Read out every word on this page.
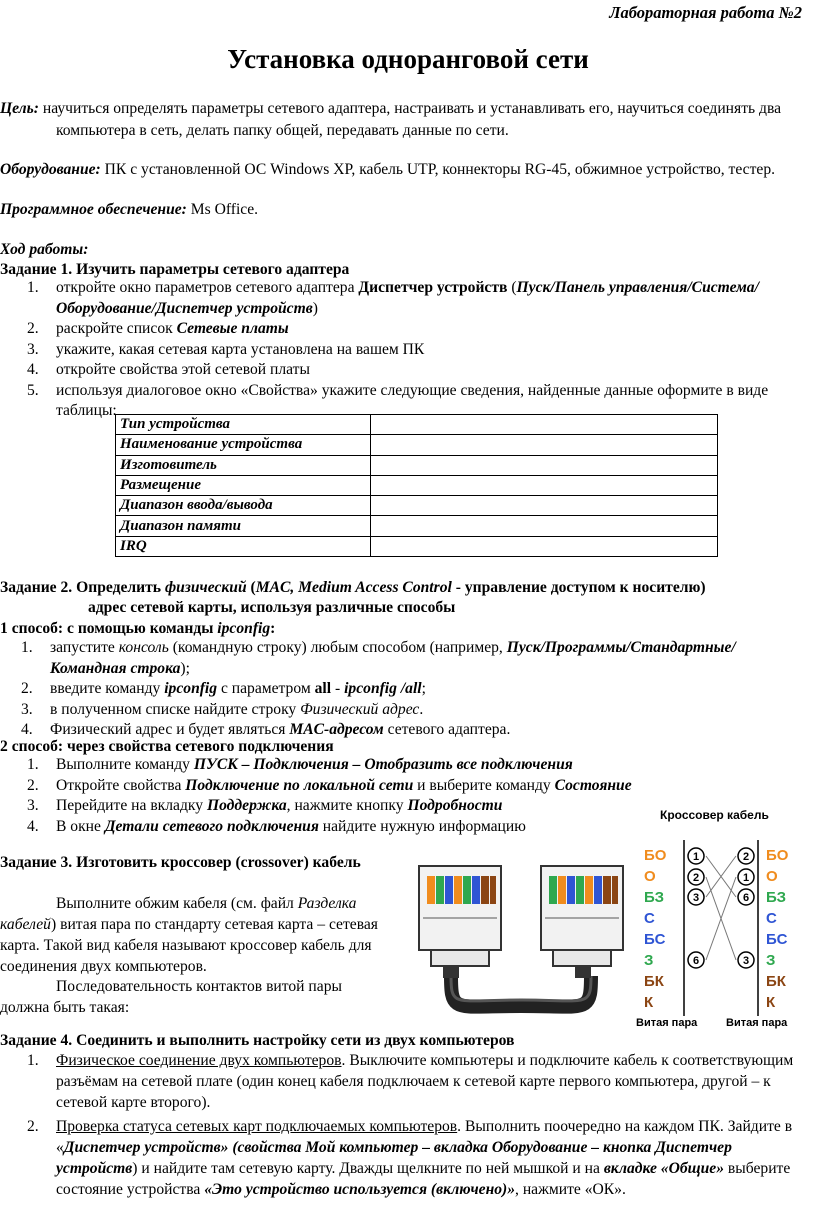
Лабораторная работа №2
Установка одноранговой сети
Цель: научиться определять параметры сетевого адаптера, настраивать и устанавливать его, научиться соединять два компьютера в сеть, делать папку общей, передавать данные по сети.
Оборудование: ПК с установленной ОС Windows XP, кабель UTP, коннекторы RG-45, обжимное устройство, тестер.
Программное обеспечение: Ms Office.
Ход работы:
Задание 1. Изучить параметры сетевого адаптера
1. откройте окно параметров сетевого адаптера Диспетчер устройств (Пуск/Панель управления/Система/Оборудование/Диспетчер устройств)
2. раскройте список Сетевые платы
3. укажите, какая сетевая карта установлена на вашем ПК
4. откройте свойства этой сетевой платы
5. используя диалоговое окно «Свойства» укажите следующие сведения, найденные данные оформите в виде таблицы:
Тип устройства	
Наименование устройства	
Изготовитель	
Размещение	
Диапазон ввода/вывода	
Диапазон памяти	
IRQ	
Задание 2. Определить физический (MAC, Medium Access Control - управление доступом к носителю)
адрес сетевой карты, используя различные способы
1 способ: с помощью команды ipconfig:
1. запустите консоль (командную строку) любым способом (например, Пуск/Программы/Стандартные/Командная строка);
2. введите команду ipconfig с параметром all - ipconfig /all;
3. в полученном списке найдите строку Физический адрес.
4. Физический адрес и будет являться MAC-адресом сетевого адаптера.
2 способ: через свойства сетевого подключения
1. Выполните команду ПУСК – Подключения – Отобразить все подключения
2. Откройте свойства Подключение по локальной сети и выберите команду Состояние
3. Перейдите на вкладку Поддержка, нажмите кнопку Подробности
4. В окне Детали сетевого подключения найдите нужную информацию
Задание 3. Изготовить кроссовер (crossover) кабель
Выполните обжим кабеля (см. файл Разделка кабелей) витая пара по стандарту сетевая карта – сетевая карта. Такой вид кабеля называют кроссовер кабель для соединения двух компьютеров.
Последовательность контактов витой пары должна быть такая:
Кроссовер кабель
БО
О
БЗ
С
БС
З
БК
К
БО
О
БЗ
С
БС
З
БК
К
1
2
3
6
2
1
6
3
Витая пара	Витая пара
Задание 4. Соединить и выполнить настройку сети из двух компьютеров
1. Физическое соединение двух компьютеров. Выключите компьютеры и подключите кабель к соответствующим разъёмам на сетевой плате (один конец кабеля подключаем к сетевой карте первого компьютера, другой – к сетевой карте второго).
2. Проверка статуса сетевых карт подключаемых компьютеров. Выполнить поочередно на каждом ПК. Зайдите в «Диспетчер устройств» (свойства Мой компьютер – вкладка Оборудование – кнопка Диспетчер устройств) и найдите там сетевую карту. Дважды щелкните по ней мышкой и на вкладке «Общие» выберите состояние устройства «Это устройство используется (включено)», нажмите «ОК».
